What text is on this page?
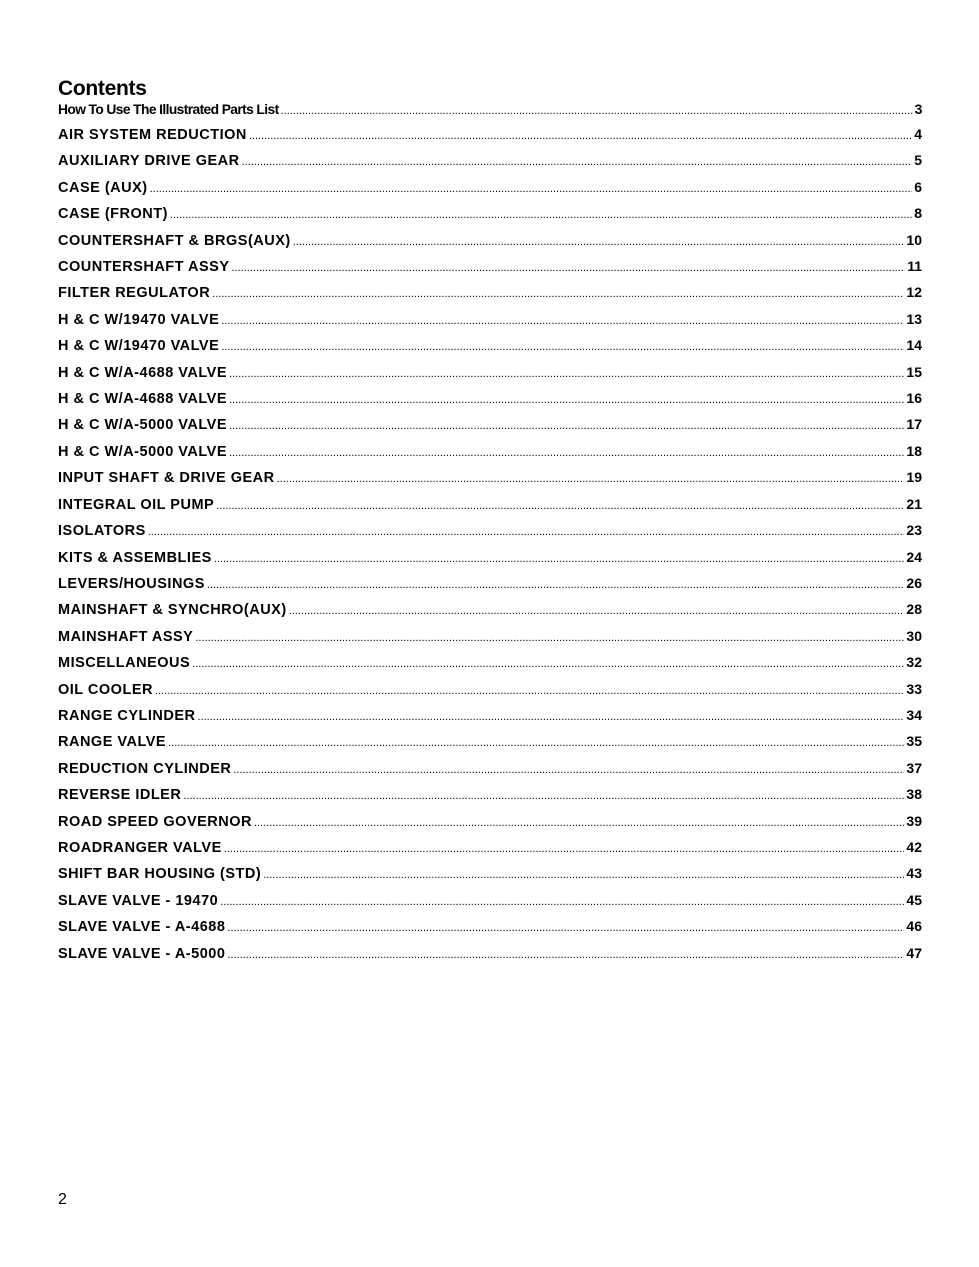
Contents
How To Use The Illustrated Parts List .....	3
AIR SYSTEM REDUCTION .....	4
AUXILIARY DRIVE GEAR .....	5
CASE (AUX) .....	6
CASE (FRONT) .....	8
COUNTERSHAFT & BRGS(AUX) .....	10
COUNTERSHAFT ASSY .....	11
FILTER REGULATOR .....	12
H & C W/19470 VALVE .....	13
H & C W/19470 VALVE .....	14
H & C W/A-4688 VALVE .....	15
H & C W/A-4688 VALVE .....	16
H & C W/A-5000 VALVE .....	17
H & C W/A-5000 VALVE .....	18
INPUT SHAFT & DRIVE GEAR .....	19
INTEGRAL OIL PUMP .....	21
ISOLATORS .....	23
KITS & ASSEMBLIES .....	24
LEVERS/HOUSINGS .....	26
MAINSHAFT & SYNCHRO(AUX) .....	28
MAINSHAFT ASSY .....	30
MISCELLANEOUS .....	32
OIL COOLER .....	33
RANGE CYLINDER .....	34
RANGE VALVE .....	35
REDUCTION CYLINDER .....	37
REVERSE IDLER .....	38
ROAD SPEED GOVERNOR .....	39
ROADRANGER VALVE .....	42
SHIFT BAR HOUSING (STD) .....	43
SLAVE VALVE - 19470 .....	45
SLAVE VALVE - A-4688 .....	46
SLAVE VALVE - A-5000 .....	47
2
